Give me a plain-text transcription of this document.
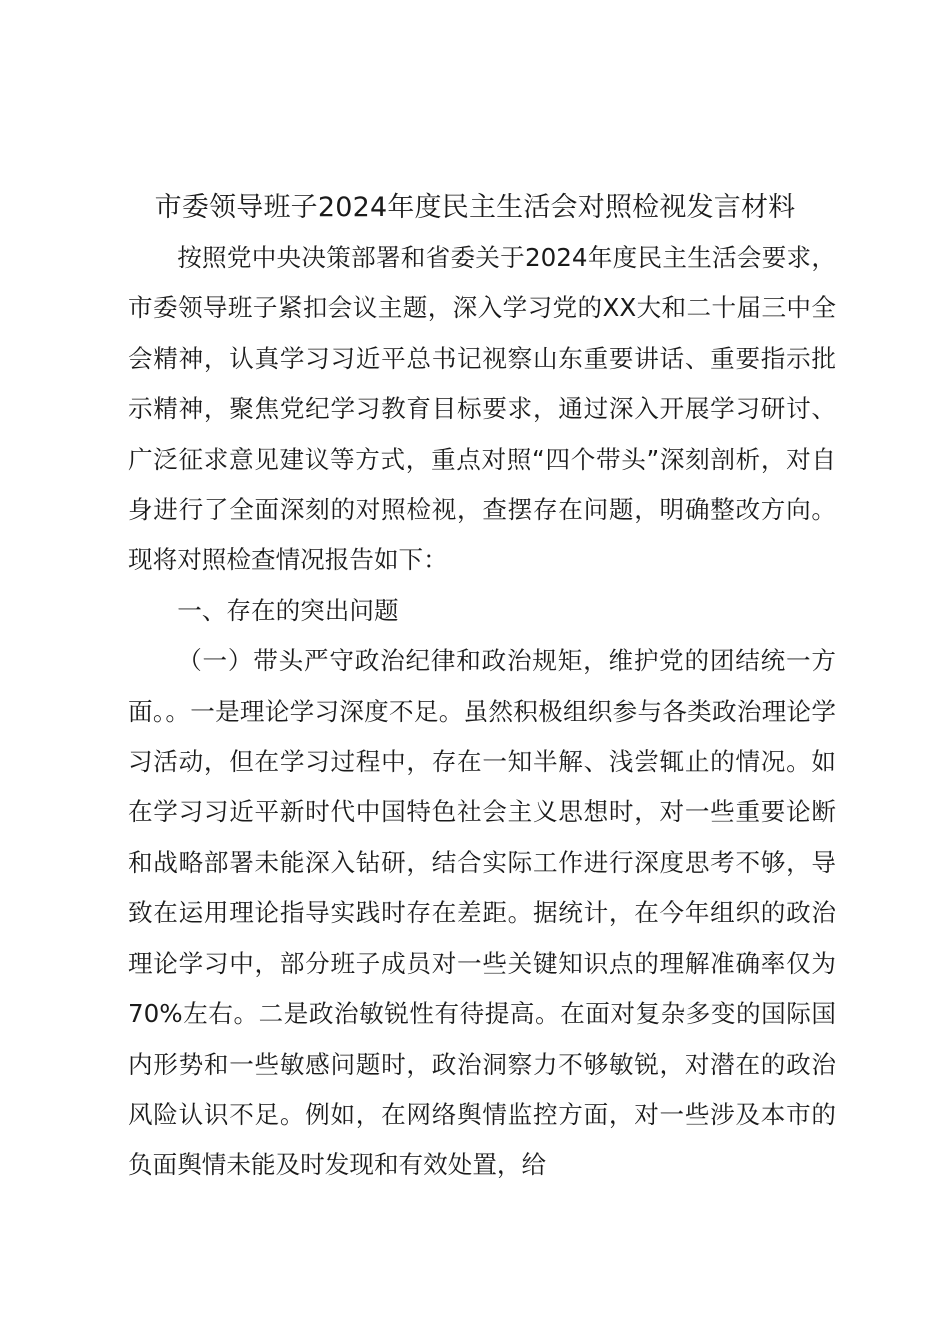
市委领导班子2024年度民主生活会对照检视发言材料

按照党中央决策部署和省委关于2024年度民主生活会要求，市委领导班子紧扣会议主题，深入学习党的XX大和二十届三中全会精神，认真学习习近平总书记视察山东重要讲话、重要指示批示精神，聚焦党纪学习教育目标要求，通过深入开展学习研讨、广泛征求意见建议等方式，重点对照“四个带头”深刻剖析，对自身进行了全面深刻的对照检视，查摆存在问题，明确整改方向。现将对照检查情况报告如下：

一、存在的突出问题

（一）带头严守政治纪律和政治规矩，维护党的团结统一方面。。一是理论学习深度不足。虽然积极组织参与各类政治理论学习活动，但在学习过程中，存在一知半解、浅尝辄止的情况。如在学习习近平新时代中国特色社会主义思想时，对一些重要论断和战略部署未能深入钻研，结合实际工作进行深度思考不够，导致在运用理论指导实践时存在差距。据统计，在今年组织的政治理论学习中，部分班子成员对一些关键知识点的理解准确率仅为70%左右。二是政治敏锐性有待提高。在面对复杂多变的国际国内形势和一些敏感问题时，政治洞察力不够敏锐，对潜在的政治风险认识不足。例如，在网络舆情监控方面，对一些涉及本市的负面舆情未能及时发现和有效处置，给
